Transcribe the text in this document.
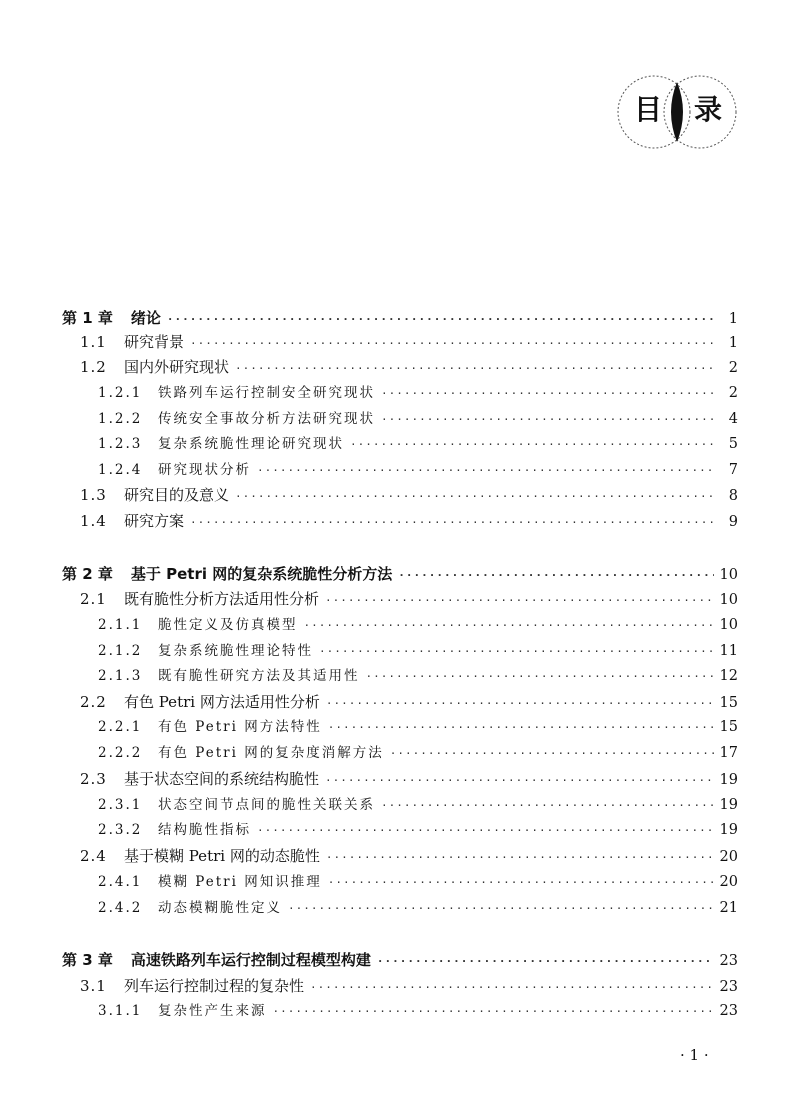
目 录
第 1 章 绪论 ·····	1
1.1	研究背景 ·····	1
1.2	国内外研究现状 ·····	2
1.2.1	铁路列车运行控制安全研究现状 ·····	2
1.2.2	传统安全事故分析方法研究现状 ·····	4
1.2.3	复杂系统脆性理论研究现状 ·····	5
1.2.4	研究现状分析 ·····	7
1.3	研究目的及意义 ·····	8
1.4	研究方案 ·····	9
第 2 章 基于 Petri 网的复杂系统脆性分析方法 ·····	10
2.1	既有脆性分析方法适用性分析 ·····	10
2.1.1	脆性定义及仿真模型 ·····	10
2.1.2	复杂系统脆性理论特性 ·····	11
2.1.3	既有脆性研究方法及其适用性 ·····	12
2.2	有色 Petri 网方法适用性分析 ·····	15
2.2.1	有色 Petri 网方法特性 ·····	15
2.2.2	有色 Petri 网的复杂度消解方法 ·····	17
2.3	基于状态空间的系统结构脆性 ·····	19
2.3.1	状态空间节点间的脆性关联关系 ·····	19
2.3.2	结构脆性指标 ·····	19
2.4	基于模糊 Petri 网的动态脆性 ·····	20
2.4.1	模糊 Petri 网知识推理 ·····	20
2.4.2	动态模糊脆性定义 ·····	21
第 3 章 高速铁路列车运行控制过程模型构建 ·····	23
3.1	列车运行控制过程的复杂性 ·····	23
3.1.1	复杂性产生来源 ·····	23
· 1 ·
